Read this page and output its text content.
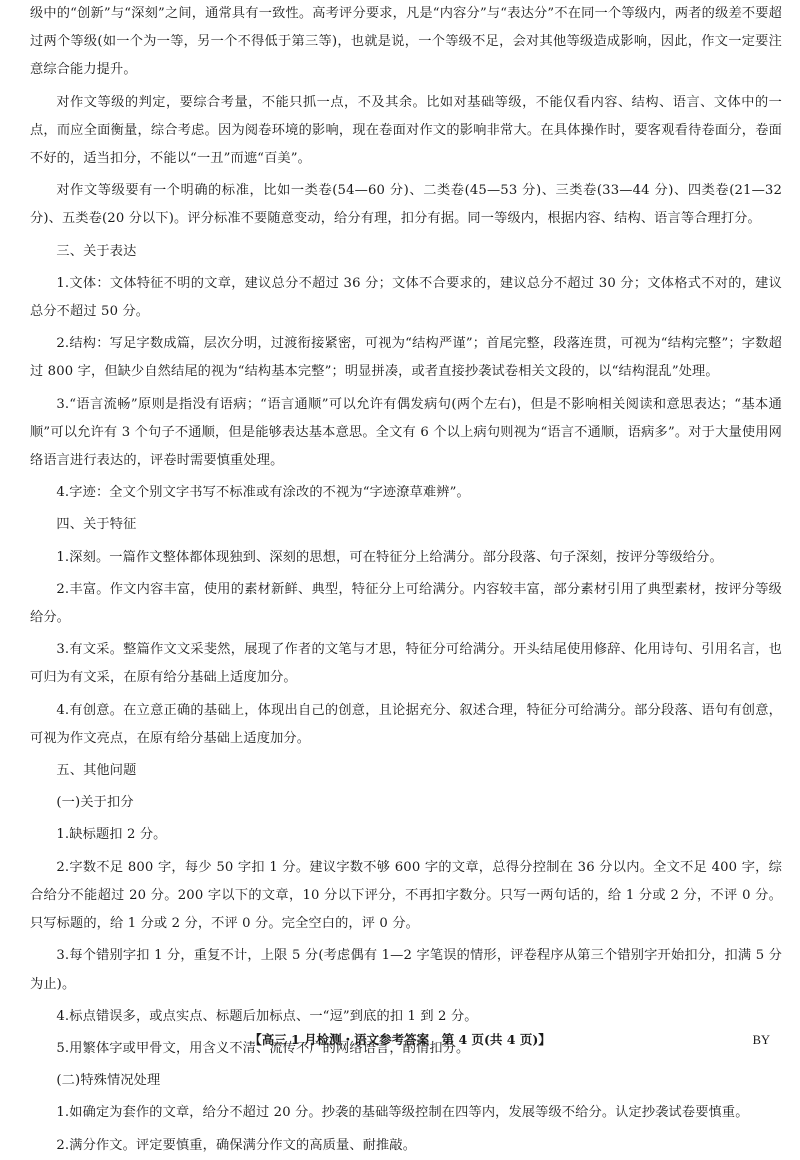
级中的“创新”与“深刻”之间，通常具有一致性。高考评分要求，凡是“内容分”与“表达分”不在同一个等级内，两者的级差不要超过两个等级(如一个为一等，另一个不得低于第三等)，也就是说，一个等级不足，会对其他等级造成影响，因此，作文一定要注意综合能力提升。

对作文等级的判定，要综合考量，不能只抓一点，不及其余。比如对基础等级，不能仅看内容、结构、语言、文体中的一点，而应全面衡量，综合考虑。因为阅卷环境的影响，现在卷面对作文的影响非常大。在具体操作时，要客观看待卷面分，卷面不好的，适当扣分，不能以“一丑”而遮“百美”。

对作文等级要有一个明确的标准，比如一类卷(54—60 分)、二类卷(45—53 分)、三类卷(33—44 分)、四类卷(21—32 分)、五类卷(20 分以下)。评分标准不要随意变动，给分有理，扣分有据。同一等级内，根据内容、结构、语言等合理打分。

三、关于表达

1.文体：文体特征不明的文章，建议总分不超过 36 分；文体不合要求的，建议总分不超过 30 分；文体格式不对的，建议总分不超过 50 分。

2.结构：写足字数成篇，层次分明，过渡衔接紧密，可视为“结构严谨”；首尾完整，段落连贯，可视为“结构完整”；字数超过 800 字，但缺少自然结尾的视为“结构基本完整”；明显拼凑，或者直接抄袭试卷相关文段的，以“结构混乱”处理。

3.“语言流畅”原则是指没有语病；“语言通顺”可以允许有偶发病句(两个左右)，但是不影响相关阅读和意思表达；“基本通顺”可以允许有 3 个句子不通顺，但是能够表达基本意思。全文有 6 个以上病句则视为“语言不通顺，语病多”。对于大量使用网络语言进行表达的，评卷时需要慎重处理。

4.字迹：全文个别文字书写不标准或有涂改的不视为“字迹潦草难辨”。

四、关于特征

1.深刻。一篇作文整体都体现独到、深刻的思想，可在特征分上给满分。部分段落、句子深刻，按评分等级给分。

2.丰富。作文内容丰富，使用的素材新鲜、典型，特征分上可给满分。内容较丰富，部分素材引用了典型素材，按评分等级给分。

3.有文采。整篇作文文采斐然，展现了作者的文笔与才思，特征分可给满分。开头结尾使用修辞、化用诗句、引用名言，也可归为有文采，在原有给分基础上适度加分。

4.有创意。在立意正确的基础上，体现出自己的创意，且论据充分、叙述合理，特征分可给满分。部分段落、语句有创意，可视为作文亮点，在原有给分基础上适度加分。

五、其他问题

(一)关于扣分

1.缺标题扣 2 分。

2.字数不足 800 字，每少 50 字扣 1 分。建议字数不够 600 字的文章，总得分控制在 36 分以内。全文不足 400 字，综合给分不能超过 20 分。200 字以下的文章，10 分以下评分，不再扣字数分。只写一两句话的，给 1 分或 2 分，不评 0 分。只写标题的，给 1 分或 2 分，不评 0 分。完全空白的，评 0 分。

3.每个错别字扣 1 分，重复不计，上限 5 分(考虑偶有 1—2 字笔误的情形，评卷程序从第三个错别字开始扣分，扣满 5 分为止)。

4.标点错误多，或点实点、标题后加标点、一“逗”到底的扣 1 到 2 分。

5.用繁体字或甲骨文，用含义不清、流传不广的网络语言，酌情扣分。

(二)特殊情况处理

1.如确定为套作的文章，给分不超过 20 分。抄袭的基础等级控制在四等内，发展等级不给分。认定抄袭试卷要慎重。

2.满分作文。评定要慎重，确保满分作文的高质量、耐推敲。

【高三 1 月检测・语文参考答案　第 4 页(共 4 页)】	BY
